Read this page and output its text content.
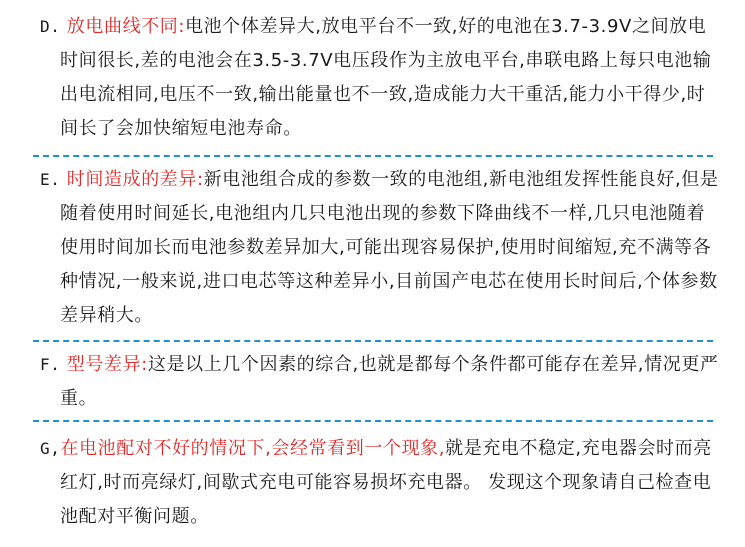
D. 放电曲线不同:电池个体差异大,放电平台不一致,好的电池在3.7-3.9V之间放电时间很长,差的电池会在3.5-3.7V电压段作为主放电平台,串联电路上每只电池输出电流相同,电压不一致,输出能量也不一致,造成能力大干重活,能力小干得少,时间长了会加快缩短电池寿命。

E. 时间造成的差异:新电池组合成的参数一致的电池组,新电池组发挥性能良好,但是随着使用时间延长,电池组内几只电池出现的参数下降曲线不一样,几只电池随着使用时间加长而电池参数差异加大,可能出现容易保护,使用时间缩短,充不满等各种情况,一般来说,进口电芯等这种差异小,目前国产电芯在使用长时间后,个体参数差异稍大。

F. 型号差异:这是以上几个因素的综合,也就是都每个条件都可能存在差异,情况更严重。

G,在电池配对不好的情况下,会经常看到一个现象,就是充电不稳定,充电器会时而亮红灯,时而亮绿灯,间歇式充电可能容易损坏充电器。 发现这个现象请自己检查电池配对平衡问题。
